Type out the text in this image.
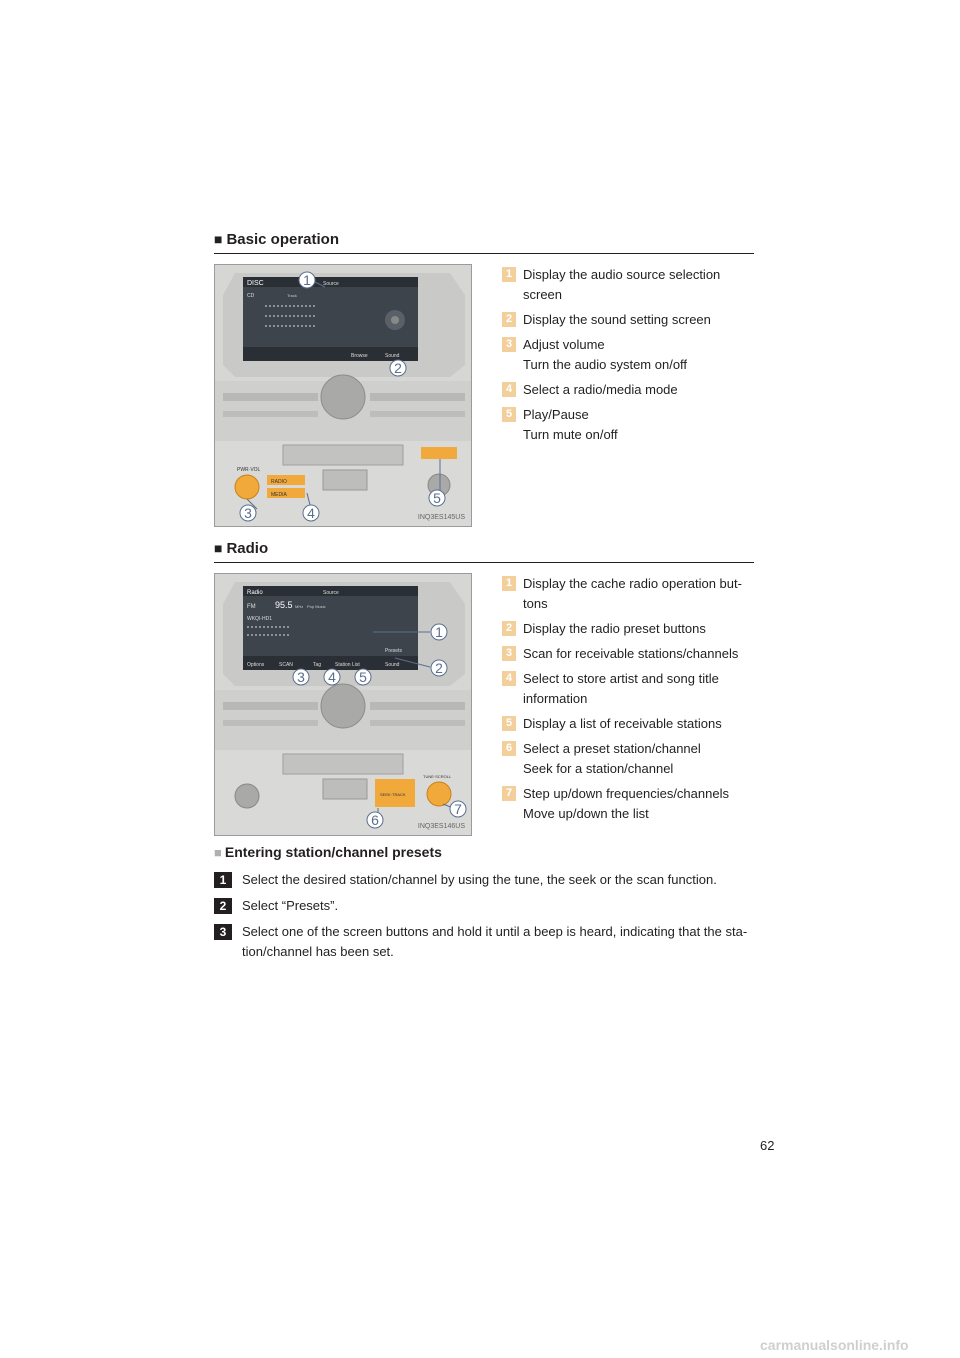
■ Basic operation
DISC	Source
CD	Track
Browse	Sound
PWR·VOL
RADIO
MEDIA
1
2
3	4
5
INQ3ES145US
1 Display the audio source selection
screen
2 Display the sound setting screen
3 Adjust volume
Turn the audio system on/off
4 Select a radio/media mode
5 Play/Pause
Turn mute on/off
■ Radio
Radio	Source
FM 95.5 MHz Pop Music
WKQI-HD1
Presets
Options	SCAN	Tag	Station List	Sound
SEEK·TRACK
TUNE·SCROLL
1
2
3 4 5
6
7
INQ3ES146US
1 Display the cache radio operation but-
tons
2 Display the radio preset buttons
3 Scan for receivable stations/channels
4 Select to store artist and song title
information
5 Display a list of receivable stations
6 Select a preset station/channel
Seek for a station/channel
7 Step up/down frequencies/channels
Move up/down the list
■ Entering station/channel presets
1	Select the desired station/channel by using the tune, the seek or the scan function.
2	Select “Presets”.
3	Select one of the screen buttons and hold it until a beep is heard, indicating that the sta-
tion/channel has been set.
62
carmanualsonline.info
